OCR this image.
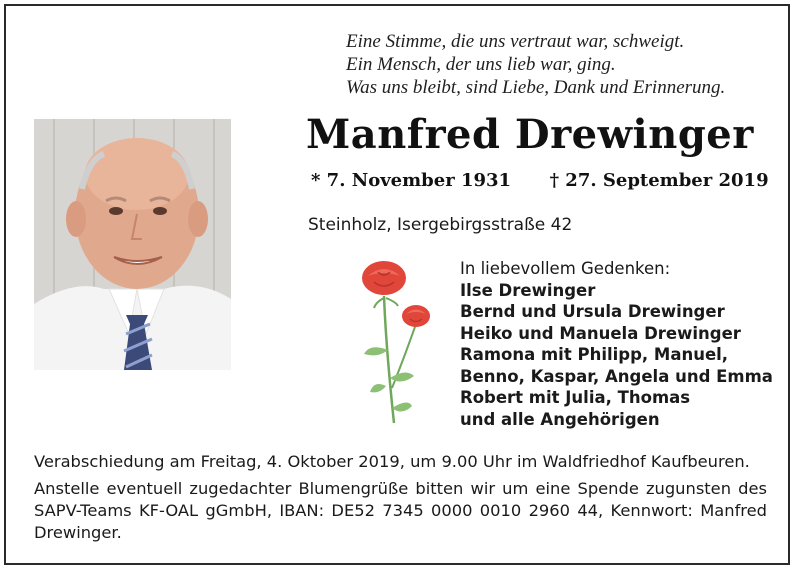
Eine Stimme, die uns vertraut war, schweigt.
Ein Mensch, der uns lieb war, ging.
Was uns bleibt, sind Liebe, Dank und Erinnerung.
Manfred Drewinger
* 7. November 1931 † 27. September 2019
Steinholz, Isergebirgsstraße 42
In liebevollem Gedenken:
Ilse Drewinger
Bernd und Ursula Drewinger
Heiko und Manuela Drewinger
Ramona mit Philipp, Manuel,
Benno, Kaspar, Angela und Emma
Robert mit Julia, Thomas
und alle Angehörigen
Verabschiedung am Freitag, 4. Oktober 2019, um 9.00 Uhr im Waldfriedhof Kaufbeuren.
Anstelle eventuell zugedachter Blumengrüße bitten wir um eine Spende zugunsten des SAPV-Teams KF-OAL gGmbH, IBAN: DE52 7345 0000 0010 2960 44, Kennwort: Manfred Drewinger.
